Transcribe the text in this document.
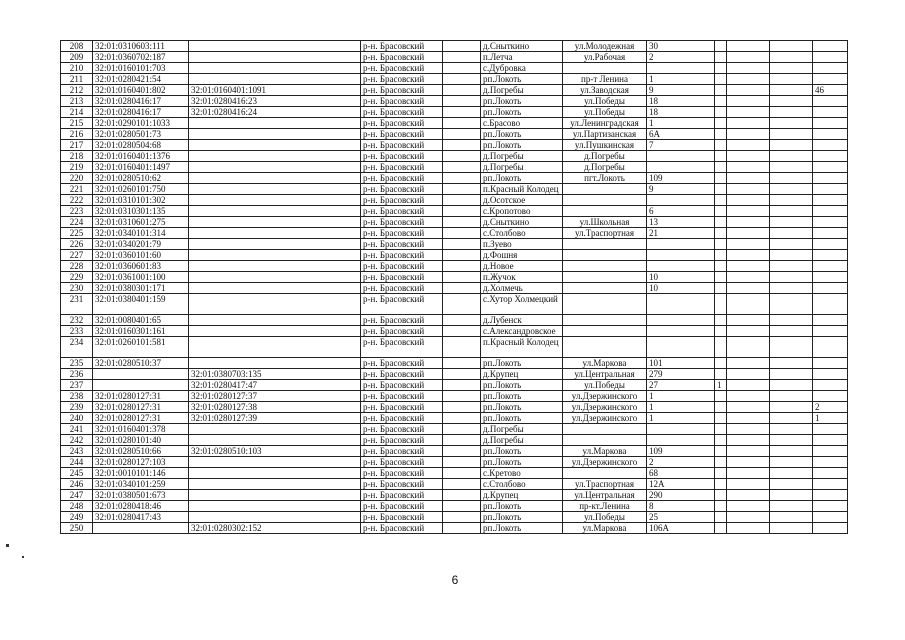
208	32:01:0310603:111		р-н. Брасовский		д.Сныткино	ул.Молодежная	30				
209	32:01:0360702:187		р-н. Брасовский		п.Летча	ул.Рабочая	2				
210	32:01:0160101:703		р-н. Брасовский		с.Дубровка						
211	32:01:0280421:54		р-н. Брасовский		рп.Локоть	пр-т Ленина	1				
212	32:01:0160401:802	32:01:0160401:1091	р-н. Брасовский		д.Погребы	ул.Заводская	9				46
213	32:01:0280416:17	32:01:0280416:23	р-н. Брасовский		рп.Локоть	ул.Победы	18				
214	32:01:0280416:17	32:01:0280416:24	р-н. Брасовский		рп.Локоть	ул.Победы	18				
215	32:01:0290101:1033		р-н. Брасовский		с.Брасово	ул.Ленинградская	1				
216	32:01:0280501:73		р-н. Брасовский		рп.Локоть	ул.Партизанская	6А				
217	32:01:0280504:68		р-н. Брасовский		рп.Локоть	ул.Пушкинская	7				
218	32:01:0160401:1376		р-н. Брасовский		д.Погребы	д.Погребы					
219	32:01:0160401:1497		р-н. Брасовский		д.Погребы	д.Погребы					
220	32:01:0280510:62		р-н. Брасовский		рп.Локоть	пгт.Локоть	109				
221	32:01:0260101:750		р-н. Брасовский		п.Красный Колодец		9				
222	32:01:0310101:302		р-н. Брасовский		д.Осотское						
223	32:01:0310301:135		р-н. Брасовский		с.Кропотово		6				
224	32:01:0310601:275		р-н. Брасовский		д.Сныткино	ул.Школьная	13				
225	32:01:0340101:314		р-н. Брасовский		с.Столбово	ул.Траспортная	21				
226	32:01:0340201:79		р-н. Брасовский		п.Зуево						
227	32:01:0360101:60		р-н. Брасовский		д.Фошня						
228	32:01:0360601:83		р-н. Брасовский		д.Новое						
229	32:01:0361001:100		р-н. Брасовский		п.Жучок		10				
230	32:01:0380301:171		р-н. Брасовский		д.Холмечь		10				
231	32:01:0380401:159		р-н. Брасовский		с.Хутор Холмецкий						
232	32:01:0080401:65		р-н. Брасовский		д.Лубенск						
233	32:01:0160301:161		р-н. Брасовский		с.Александровское						
234	32:01:0260101:581		р-н. Брасовский		п.Красный Колодец						
235	32:01:0280510:37		р-н. Брасовский		рп.Локоть	ул.Маркова	101				
236		32:01:0380703:135	р-н. Брасовский		д.Крупец	ул.Центральная	279				
237		32:01:0280417:47	р-н. Брасовский		рп.Локоть	ул.Победы	27	1			
238	32:01:0280127:31	32:01:0280127:37	р-н. Брасовский		рп.Локоть	ул.Дзержинского	1				
239	32:01:0280127:31	32:01:0280127:38	р-н. Брасовский		рп.Локоть	ул.Дзержинского	1				2
240	32:01:0280127:31	32:01:0280127:39	р-н. Брасовский		рп.Локоть	ул.Дзержинского	1				1
241	32:01:0160401:378		р-н. Брасовский		д.Погребы						
242	32:01:0280101:40		р-н. Брасовский		д.Погребы						
243	32:01:0280510:66	32:01:0280510:103	р-н. Брасовский		рп.Локоть	ул.Маркова	109				
244	32:01:0280127:103		р-н. Брасовский		рп.Локоть	ул.Дзержинского	2				
245	32:01:0010101:146		р-н. Брасовский		с.Кретово		68				
246	32:01:0340101:259		р-н. Брасовский		с.Столбово	ул.Траспортная	12А				
247	32:01:0380501:673		р-н. Брасовский		д.Крупец	ул.Центральная	290				
248	32:01:0280418:46		р-н. Брасовский		рп.Локоть	пр-кт.Ленина	8				
249	32:01:0280417:43		р-н. Брасовский		рп.Локоть	ул.Победы	25				
250		32:01:0280302:152	р-н. Брасовский		рп.Локоть	ул.Маркова	106А				
6
